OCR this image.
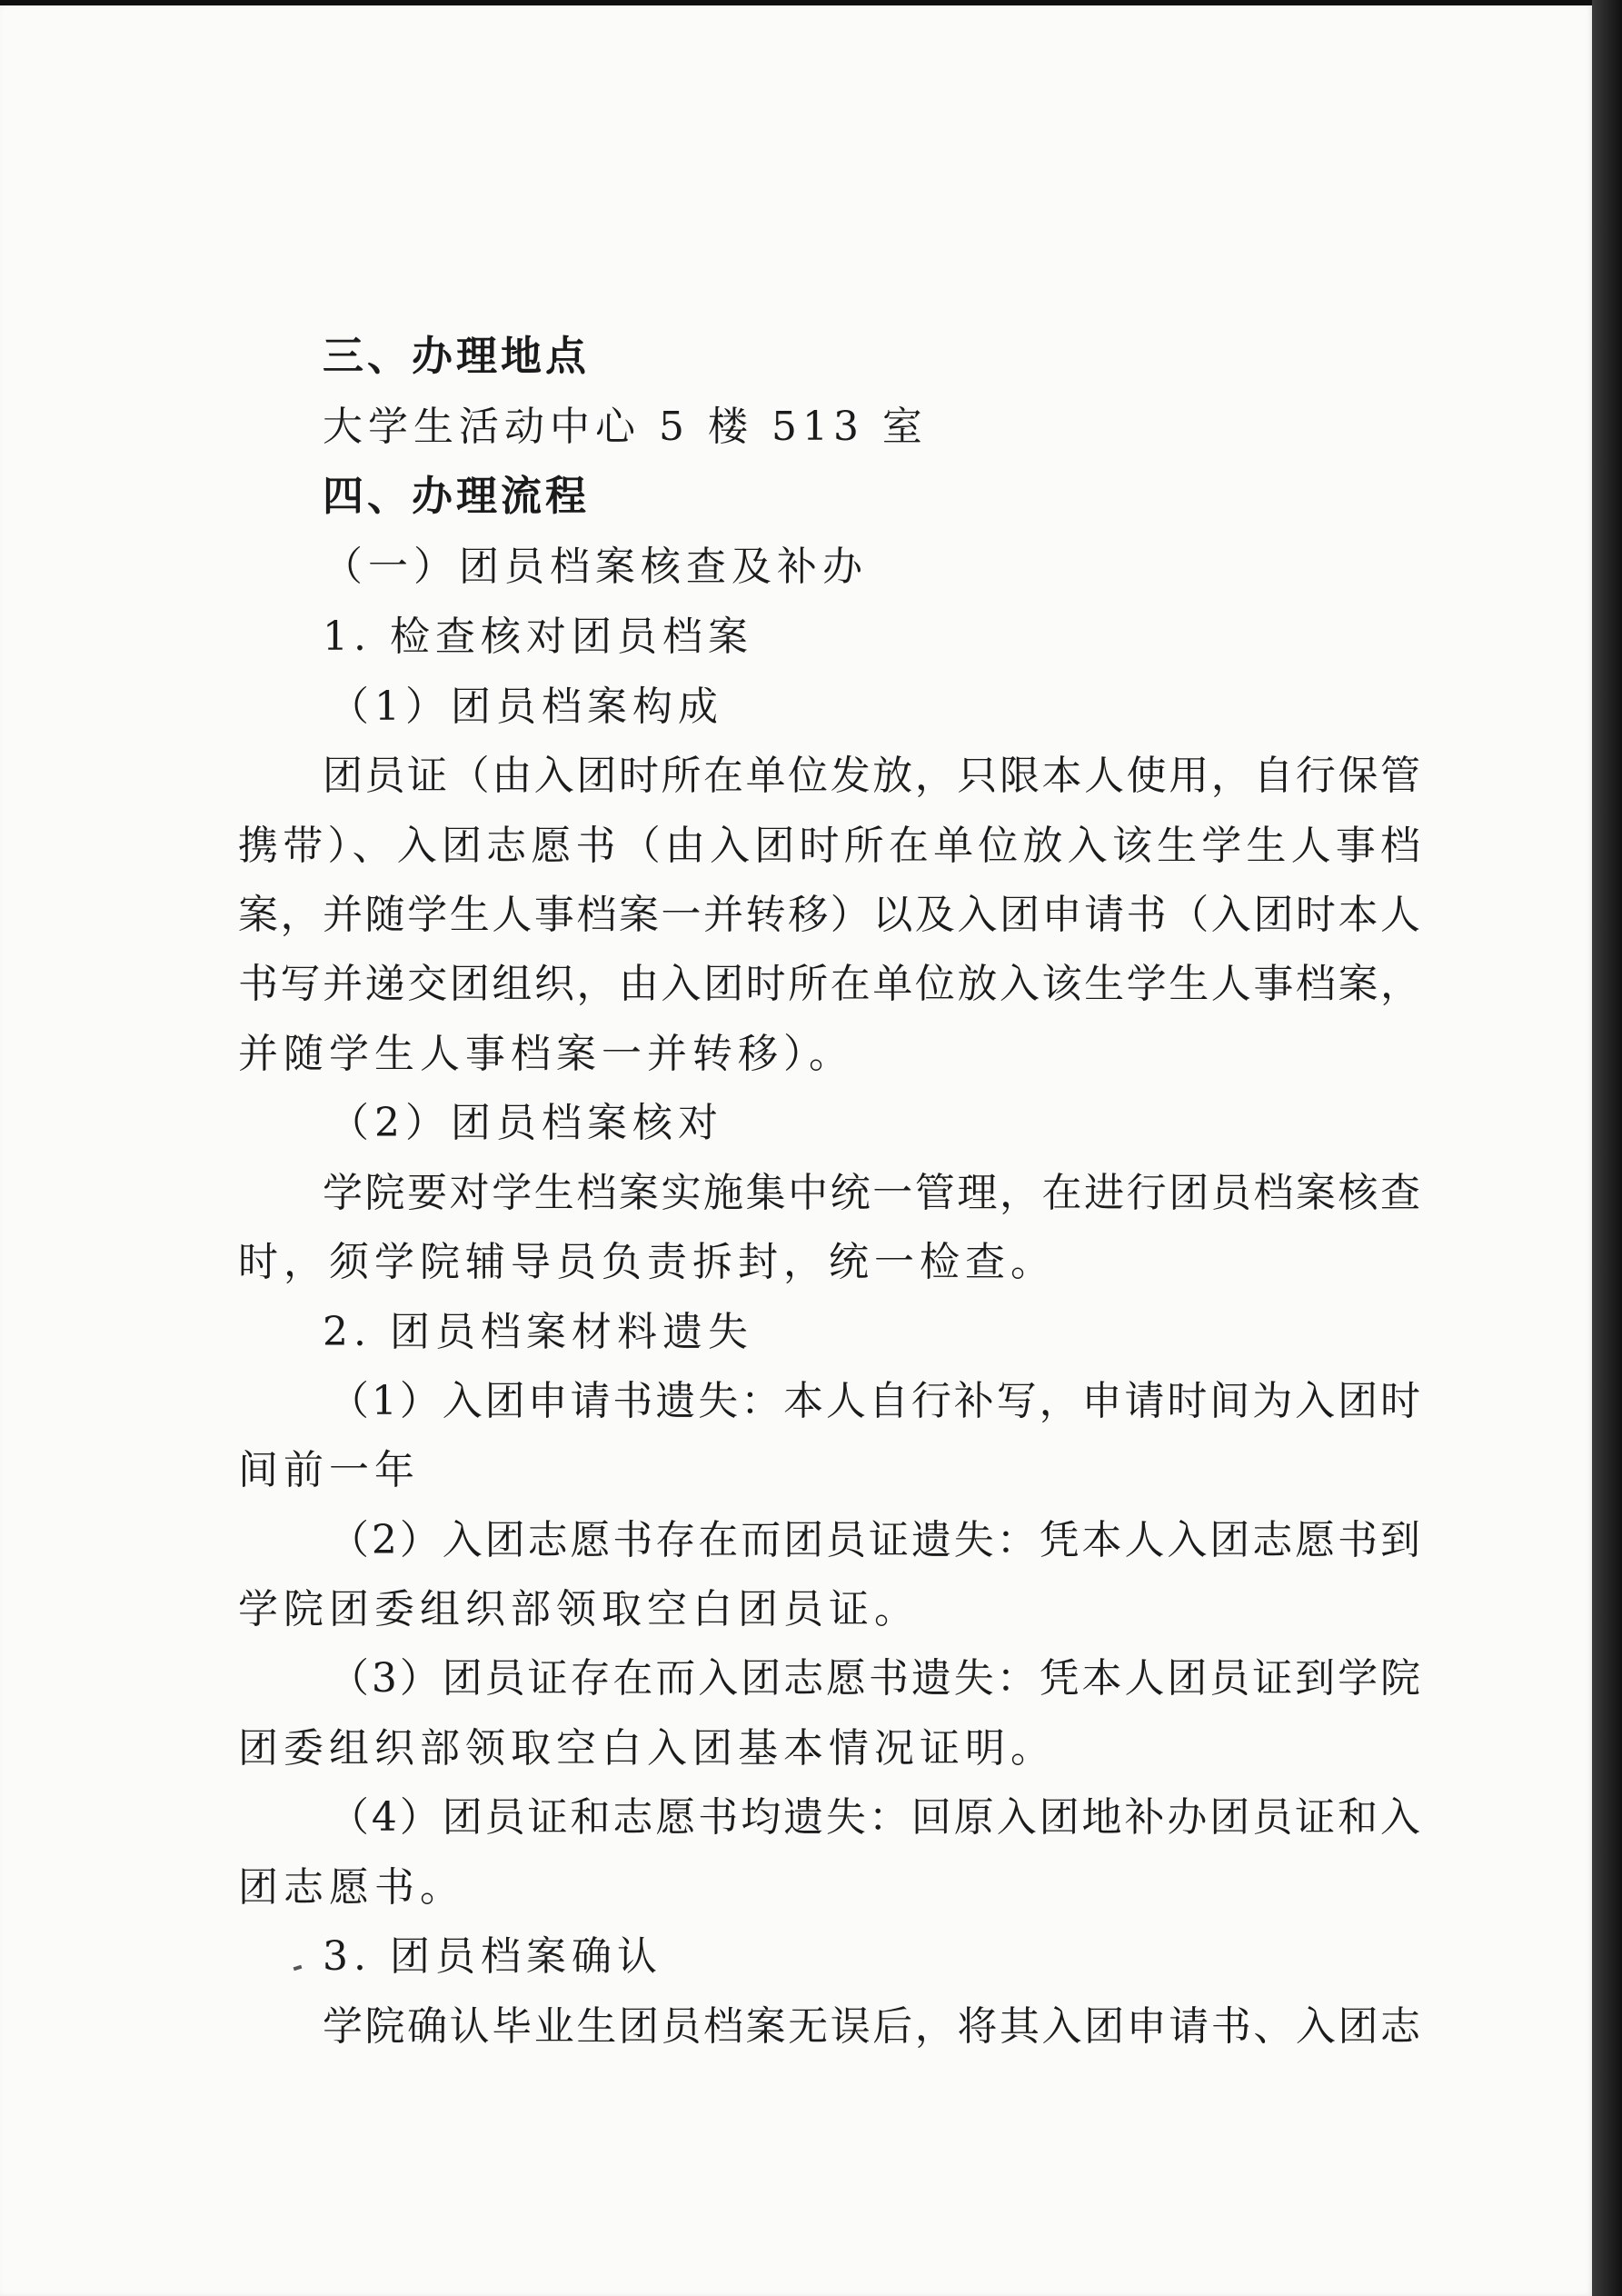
三、办理地点

大学生活动中心 5 楼 513 室

四、办理流程

（一）团员档案核查及补办

1. 检查核对团员档案

（1）团员档案构成

团员证（由入团时所在单位发放，只限本人使用，自行保管

携带）、入团志愿书（由入团时所在单位放入该生学生人事档

案，并随学生人事档案一并转移）以及入团申请书（入团时本人

书写并递交团组织，由入团时所在单位放入该生学生人事档案，

并随学生人事档案一并转移）。

（2）团员档案核对

学院要对学生档案实施集中统一管理，在进行团员档案核查

时，须学院辅导员负责拆封，统一检查。

2. 团员档案材料遗失

（1）入团申请书遗失：本人自行补写，申请时间为入团时

间前一年

（2）入团志愿书存在而团员证遗失：凭本人入团志愿书到

学院团委组织部领取空白团员证。

（3）团员证存在而入团志愿书遗失：凭本人团员证到学院

团委组织部领取空白入团基本情况证明。

（4）团员证和志愿书均遗失：回原入团地补办团员证和入

团志愿书。

3. 团员档案确认

学院确认毕业生团员档案无误后，将其入团申请书、入团志
